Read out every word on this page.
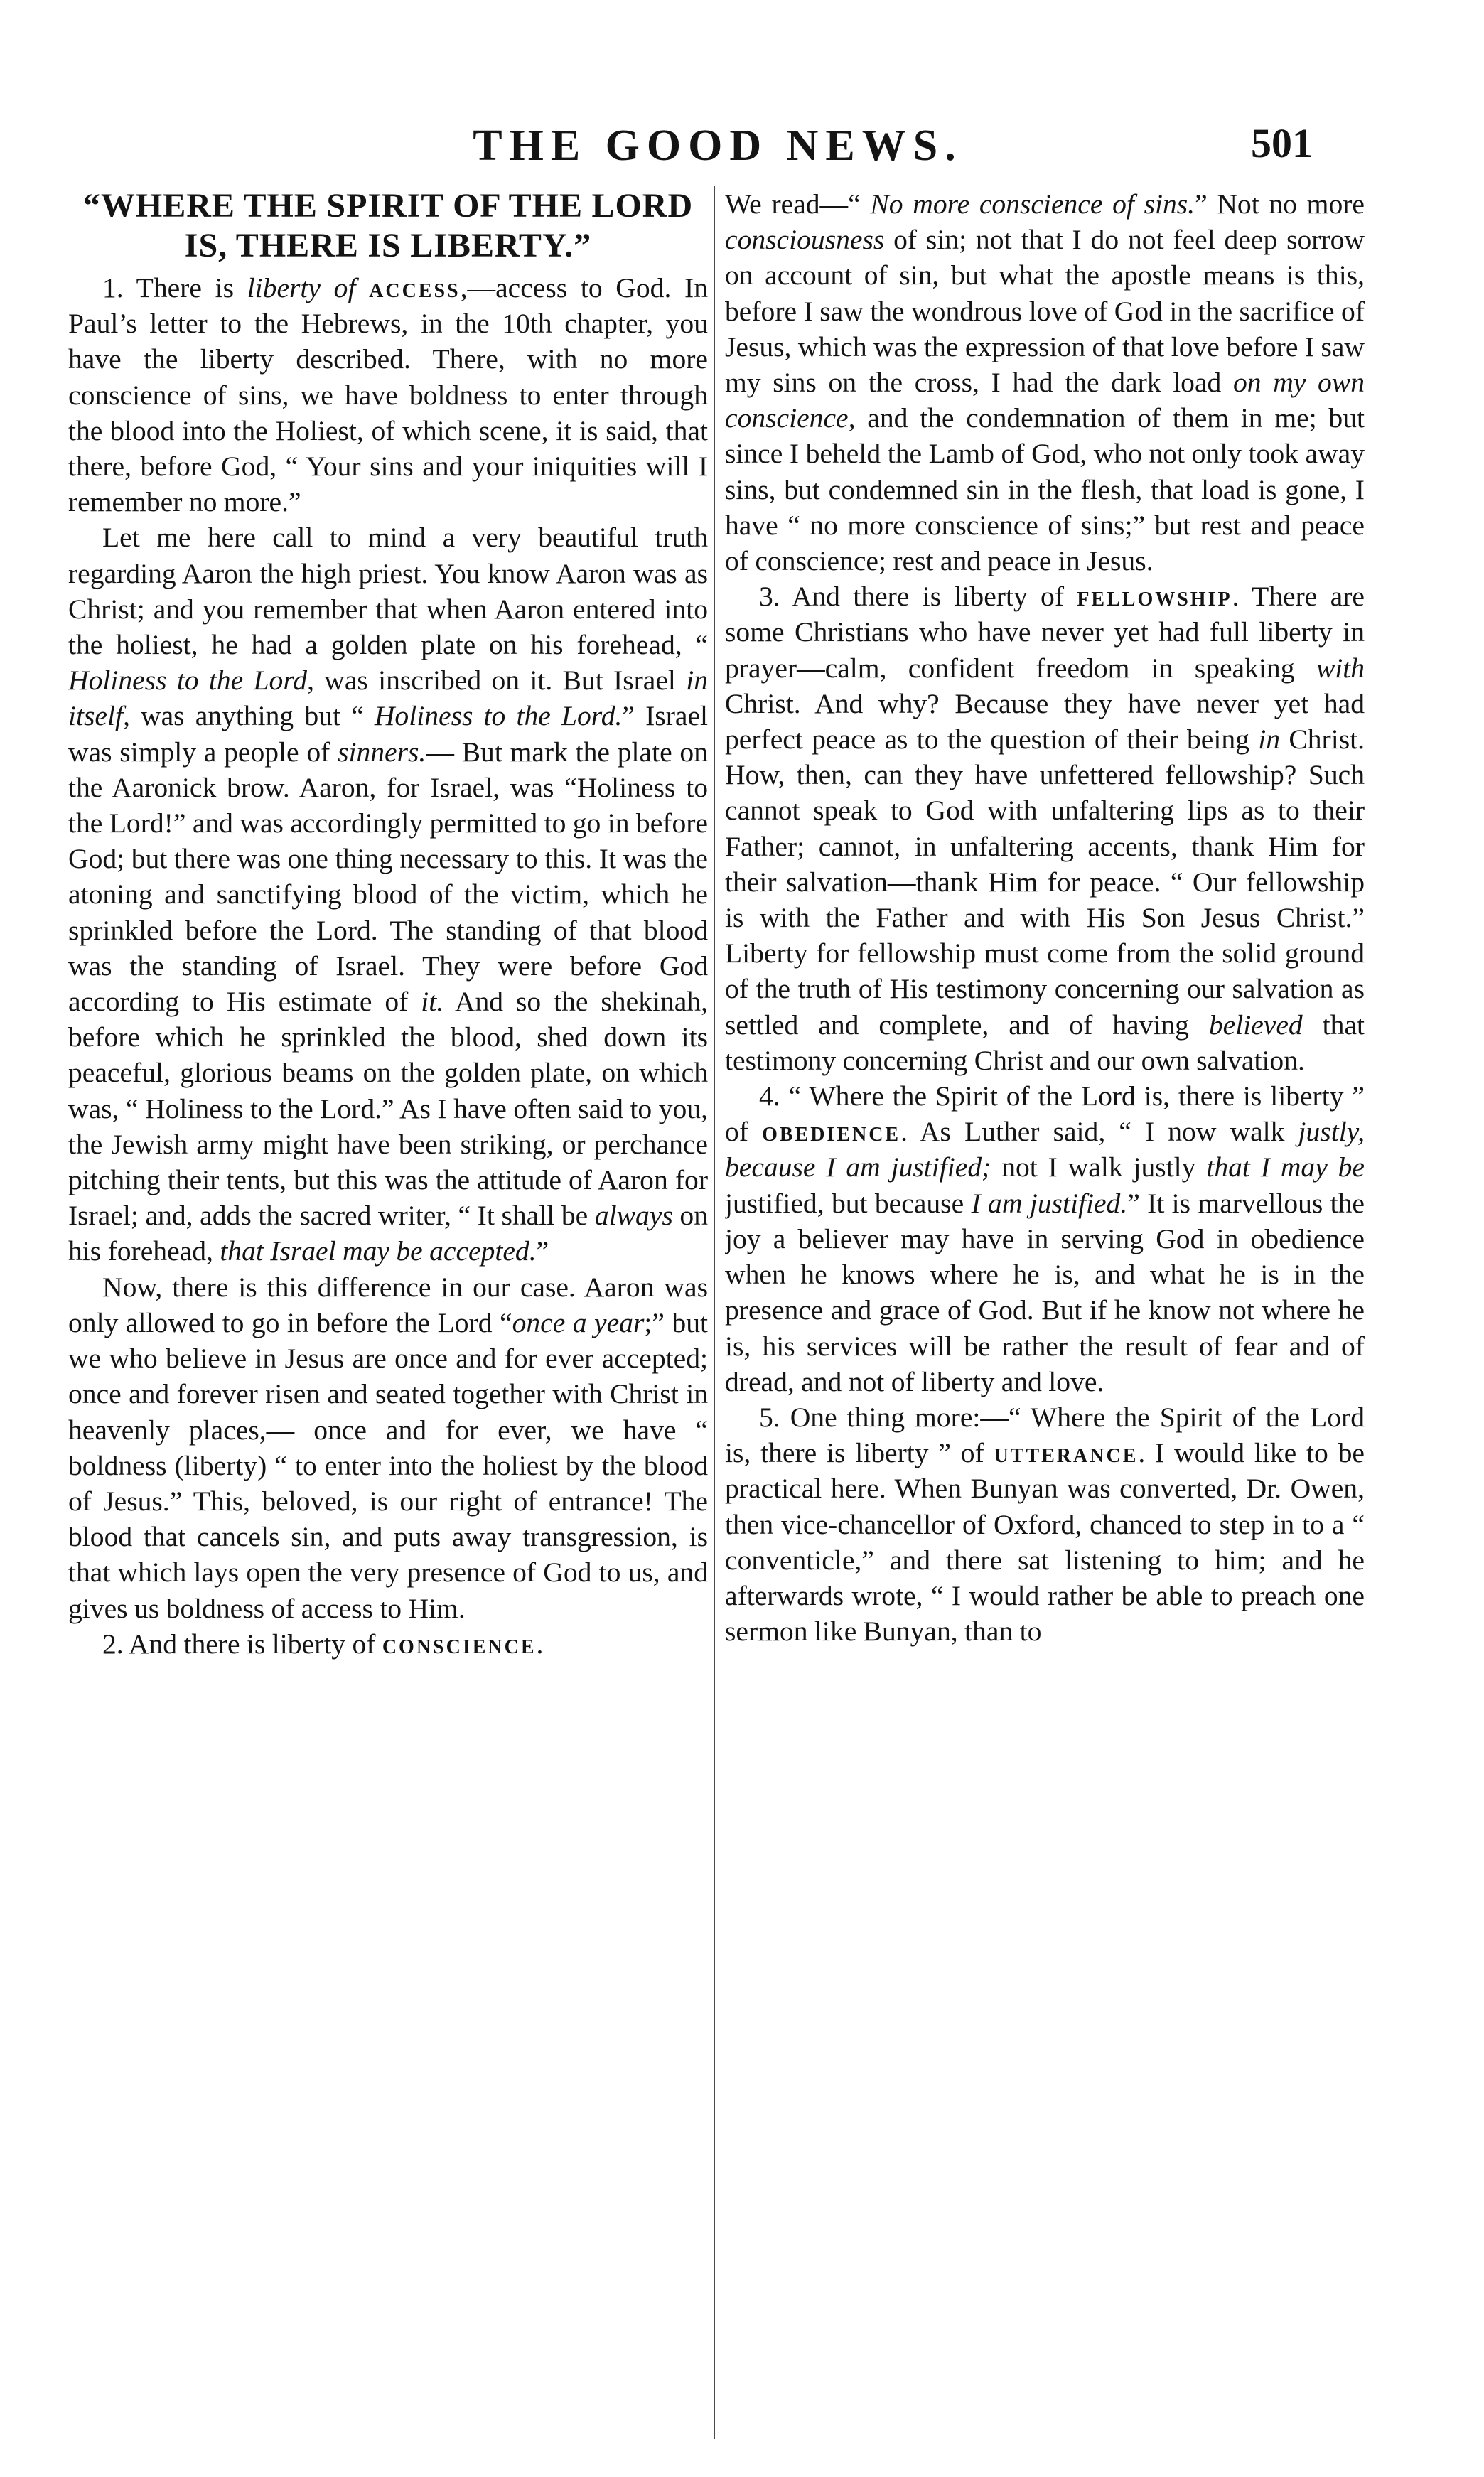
THE GOOD NEWS.	501
“WHERE THE SPIRIT OF THE LORD IS, THERE IS LIBERTY.”

1. There is liberty of access,—access to God. In Paul’s letter to the Hebrews, in the 10th chapter, you have the liberty described. There, with no more conscience of sins, we have boldness to enter through the blood into the Holiest, of which scene, it is said, that there, before God, “ Your sins and your iniquities will I remember no more.”

Let me here call to mind a very beautiful truth regarding Aaron the high priest. You know Aaron was as Christ; and you remember that when Aaron entered into the holiest, he had a golden plate on his forehead, “ Holiness to the Lord, was inscribed on it. But Israel in itself, was anything but “ Holiness to the Lord.” Israel was simply a people of sinners.— But mark the plate on the Aaronick brow. Aaron, for Israel, was “Holiness to the Lord!” and was accordingly permitted to go in before God; but there was one thing necessary to this. It was the atoning and sanctifying blood of the victim, which he sprinkled before the Lord. The standing of that blood was the standing of Israel. They were before God according to His estimate of it. And so the shekinah, before which he sprinkled the blood, shed down its peaceful, glorious beams on the golden plate, on which was, “ Holiness to the Lord.” As I have often said to you, the Jewish army might have been striking, or perchance pitching their tents, but this was the attitude of Aaron for Israel; and, adds the sacred writer, “ It shall be always on his forehead, that Israel may be accepted.”

Now, there is this difference in our case. Aaron was only allowed to go in before the Lord “once a year;” but we who believe in Jesus are once and for ever accepted; once and forever risen and seated together with Christ in heavenly places,— once and for ever, we have “ boldness (liberty) “ to enter into the holiest by the blood of Jesus.” This, beloved, is our right of entrance! The blood that cancels sin, and puts away transgression, is that which lays open the very presence of God to us, and gives us boldness of access to Him.

2. And there is liberty of conscience.

We read—“ No more conscience of sins.” Not no more consciousness of sin; not that I do not feel deep sorrow on account of sin, but what the apostle means is this, before I saw the wondrous love of God in the sacrifice of Jesus, which was the expression of that love before I saw my sins on the cross, I had the dark load on my own conscience, and the condemnation of them in me; but since I beheld the Lamb of God, who not only took away sins, but condemned sin in the flesh, that load is gone, I have “ no more conscience of sins;” but rest and peace of conscience; rest and peace in Jesus.

3. And there is liberty of fellowship. There are some Christians who have never yet had full liberty in prayer—calm, confident freedom in speaking with Christ. And why? Because they have never yet had perfect peace as to the question of their being in Christ. How, then, can they have unfettered fellowship? Such cannot speak to God with unfaltering lips as to their Father; cannot, in unfaltering accents, thank Him for their salvation—thank Him for peace. “ Our fellowship is with the Father and with His Son Jesus Christ.” Liberty for fellowship must come from the solid ground of the truth of His testimony concerning our salvation as settled and complete, and of having believed that testimony concerning Christ and our own salvation.

4. “ Where the Spirit of the Lord is, there is liberty ” of obedience. As Luther said, “ I now walk justly, because I am justified; not I walk justly that I may be justified, but because I am justified.” It is marvellous the joy a believer may have in serving God in obedience when he knows where he is, and what he is in the presence and grace of God. But if he know not where he is, his services will be rather the result of fear and of dread, and not of liberty and love.

5. One thing more:—“ Where the Spirit of the Lord is, there is liberty ” of utterance. I would like to be practical here. When Bunyan was converted, Dr. Owen, then vice-chancellor of Oxford, chanced to step in to a “ conventicle,” and there sat listening to him; and he afterwards wrote, “ I would rather be able to preach one sermon like Bunyan, than to
